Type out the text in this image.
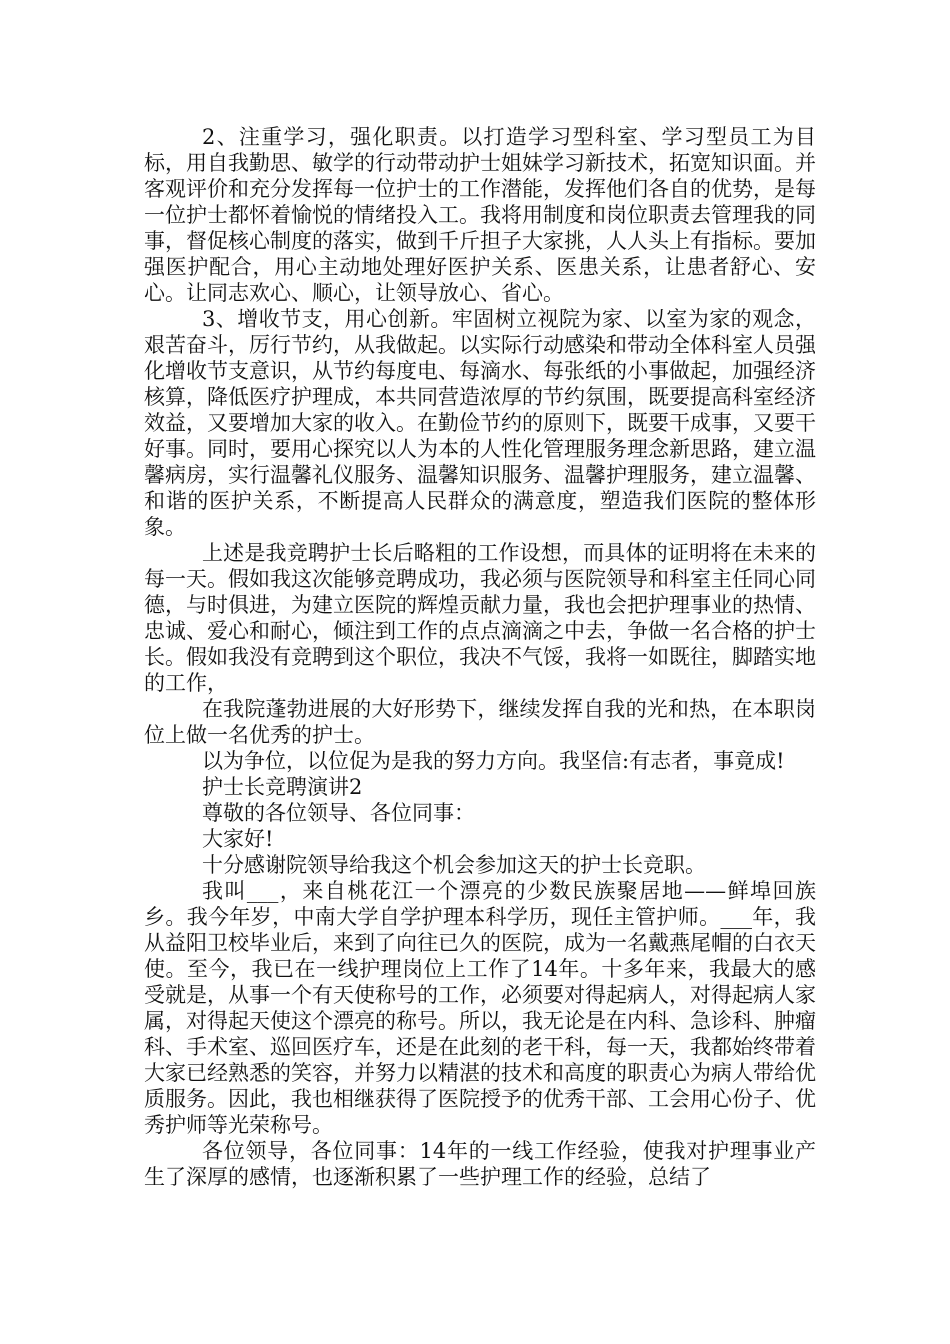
2、注重学习，强化职责。以打造学习型科室、学习型员工为目标，用自我勤思、敏学的行动带动护士姐妹学习新技术，拓宽知识面。并客观评价和充分发挥每一位护士的工作潜能，发挥他们各自的优势，是每一位护士都怀着愉悦的情绪投入工。我将用制度和岗位职责去管理我的同事，督促核心制度的落实，做到千斤担子大家挑，人人头上有指标。要加强医护配合，用心主动地处理好医护关系、医患关系，让患者舒心、安心。让同志欢心、顺心，让领导放心、省心。

3、增收节支，用心创新。牢固树立视院为家、以室为家的观念，艰苦奋斗，厉行节约，从我做起。以实际行动感染和带动全体科室人员强化增收节支意识，从节约每度电、每滴水、每张纸的小事做起，加强经济核算，降低医疗护理成，本共同营造浓厚的节约氛围，既要提高科室经济效益，又要增加大家的收入。在勤俭节约的原则下，既要干成事，又要干好事。同时，要用心探究以人为本的人性化管理服务理念新思路，建立温馨病房，实行温馨礼仪服务、温馨知识服务、温馨护理服务，建立温馨、和谐的医护关系，不断提高人民群众的满意度，塑造我们医院的整体形象。

上述是我竞聘护士长后略粗的工作设想，而具体的证明将在未来的每一天。假如我这次能够竞聘成功，我必须与医院领导和科室主任同心同德，与时俱进，为建立医院的辉煌贡献力量，我也会把护理事业的热情、忠诚、爱心和耐心，倾注到工作的点点滴滴之中去，争做一名合格的护士长。假如我没有竞聘到这个职位，我决不气馁，我将一如既往，脚踏实地的工作，

在我院蓬勃进展的大好形势下，继续发挥自我的光和热，在本职岗位上做一名优秀的护士。

以为争位，以位促为是我的努力方向。我坚信:有志者，事竟成!

护士长竞聘演讲2

尊敬的各位领导、各位同事：

大家好!

十分感谢院领导给我这个机会参加这天的护士长竞职。

我叫___，来自桃花江一个漂亮的少数民族聚居地——鲜埠回族乡。我今年岁，中南大学自学护理本科学历，现任主管护师。___年，我从益阳卫校毕业后，来到了向往已久的医院，成为一名戴燕尾帽的白衣天使。至今，我已在一线护理岗位上工作了14年。十多年来，我最大的感受就是，从事一个有天使称号的工作，必须要对得起病人，对得起病人家属，对得起天使这个漂亮的称号。所以，我无论是在内科、急诊科、肿瘤科、手术室、巡回医疗车，还是在此刻的老干科，每一天，我都始终带着大家已经熟悉的笑容，并努力以精湛的技术和高度的职责心为病人带给优质服务。因此，我也相继获得了医院授予的优秀干部、工会用心份子、优秀护师等光荣称号。

各位领导，各位同事：14年的一线工作经验，使我对护理事业产生了深厚的感情，也逐渐积累了一些护理工作的经验，总结了
